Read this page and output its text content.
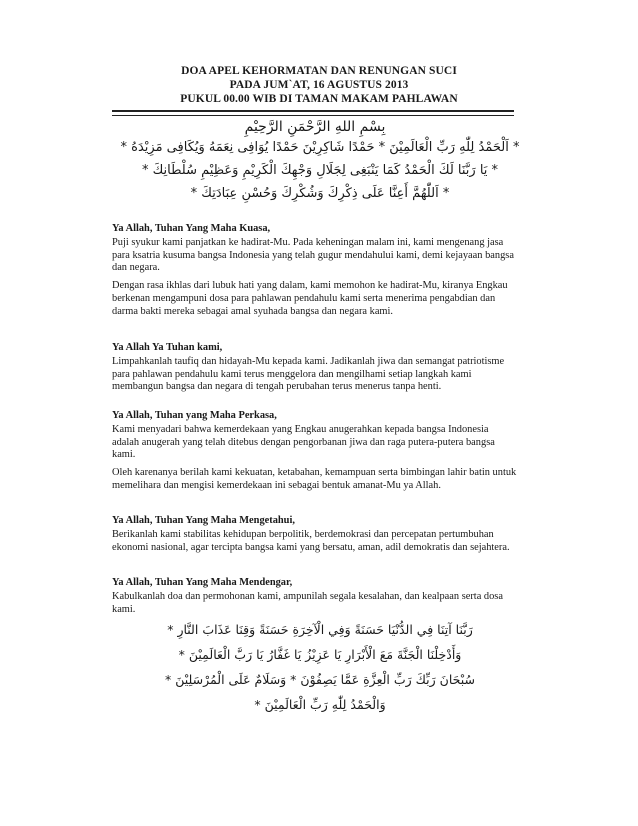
DOA APEL KEHORMATAN DAN RENUNGAN SUCI
PADA JUM`AT, 16 AGUSTUS 2013
PUKUL 00.00 WIB DI TAMAN MAKAM PAHLAWAN
بِسْمِ اللهِ الرَّحْمَنِ الرَّحِيْمِ
* اَلْحَمْدُ لِلّٰهِ رَبِّ الْعَالَمِيْنَ * حَمْدًا شَاكِرِيْنَ حَمْدًا يُوَافِى نِعَمَهُ وَيُكَافِى مَزِيْدَهُ *
* يَا رَبَّنَا لَكَ الْحَمْدُ كَمَا يَنْبَغِى لِجَلَالِ وَجْهِكَ الْكَرِيْمِ وَعَظِيْمِ سُلْطَانِكَ *
* اَللّٰهُمَّ أَعِنَّا عَلَى ذِكْرِكَ وَشُكْرِكَ وَحُسْنِ عِبَادَتِكَ *

Ya Allah, Tuhan Yang Maha Kuasa,

Puji syukur kami panjatkan ke hadirat-Mu. Pada keheningan malam ini, kami mengenang jasa para ksatria kusuma bangsa Indonesia yang telah gugur mendahului kami, demi kejayaan bangsa dan negara.

Dengan rasa ikhlas dari lubuk hati yang dalam, kami memohon ke hadirat-Mu, kiranya Engkau berkenan mengampuni dosa para pahlawan pendahulu kami serta menerima pengabdian dan darma bakti mereka sebagai amal syuhada bangsa dan negara kami.

Ya Allah Ya Tuhan kami,

Limpahkanlah taufiq dan hidayah-Mu kepada kami. Jadikanlah jiwa dan semangat patriotisme para pahlawan pendahulu kami terus menggelora dan mengilhami setiap langkah kami membangun bangsa dan negara di tengah perubahan terus menerus tanpa henti.

Ya Allah, Tuhan yang Maha Perkasa,

Kami menyadari bahwa kemerdekaan yang Engkau anugerahkan kepada bangsa Indonesia adalah anugerah yang telah ditebus dengan pengorbanan jiwa dan raga putera-putera bangsa kami.

Oleh karenanya berilah kami kekuatan, ketabahan, kemampuan serta bimbingan lahir batin untuk memelihara dan mengisi kemerdekaan ini sebagai bentuk amanat-Mu ya Allah.

Ya Allah, Tuhan Yang Maha Mengetahui,

Berikanlah kami stabilitas kehidupan berpolitik, berdemokrasi dan percepatan pertumbuhan ekonomi nasional, agar tercipta bangsa kami yang bersatu, aman, adil demokratis dan sejahtera.

Ya Allah, Tuhan Yang Maha Mendengar,

Kabulkanlah doa dan permohonan kami, ampunilah segala kesalahan, dan kealpaan serta dosa kami.

رَبَّنَا آتِنَا فِي الدُّنْيَا حَسَنَةً وَفِي الْآخِرَةِ حَسَنَةً وَقِنَا عَذَابَ النَّارِ *
وَأَدْخِلْنَا الْجَنَّةَ مَعَ الْأَبْرَارِ يَا عَزِيْزُ يَا غَفَّارُ يَا رَبَّ الْعَالَمِيْنَ *
سُبْحَانَ رَبِّكَ رَبِّ الْعِزَّةِ عَمَّا يَصِفُوْنَ * وَسَلَامٌ عَلَى الْمُرْسَلِيْنَ *
وَالْحَمْدُ لِلّٰهِ رَبِّ الْعَالَمِيْنَ *
